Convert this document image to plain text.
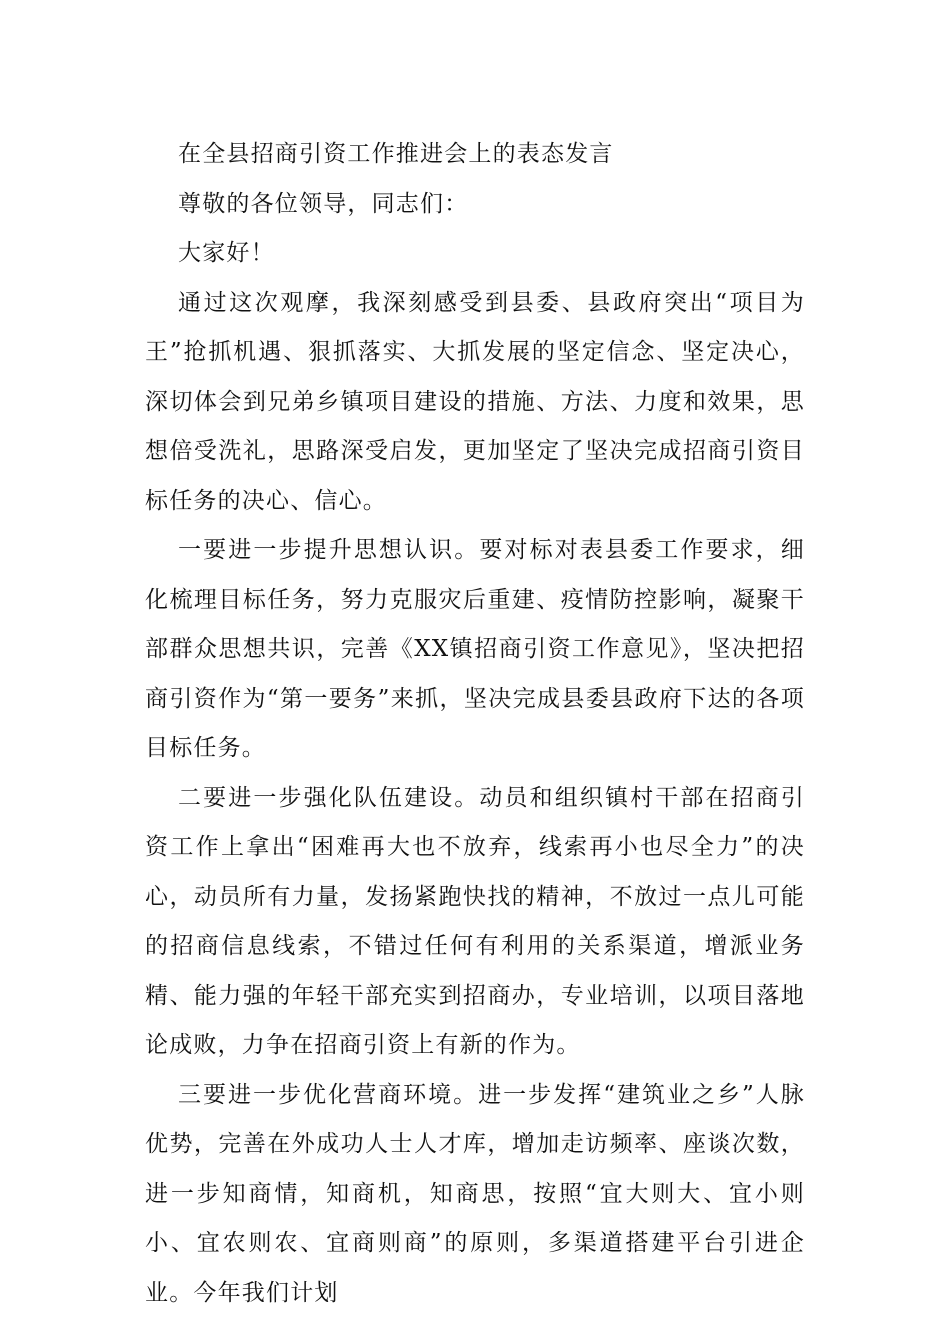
在全县招商引资工作推进会上的表态发言

尊敬的各位领导，同志们：

大家好！

通过这次观摩，我深刻感受到县委、县政府突出“项目为王”抢抓机遇、狠抓落实、大抓发展的坚定信念、坚定决心，深切体会到兄弟乡镇项目建设的措施、方法、力度和效果，思想倍受洗礼，思路深受启发，更加坚定了坚决完成招商引资目标任务的决心、信心。

一要进一步提升思想认识。要对标对表县委工作要求，细化梳理目标任务，努力克服灾后重建、疫情防控影响，凝聚干部群众思想共识，完善《XX镇招商引资工作意见》，坚决把招商引资作为“第一要务”来抓，坚决完成县委县政府下达的各项目标任务。

二要进一步强化队伍建设。动员和组织镇村干部在招商引资工作上拿出“困难再大也不放弃，线索再小也尽全力”的决心，动员所有力量，发扬紧跑快找的精神，不放过一点儿可能的招商信息线索，不错过任何有利用的关系渠道，增派业务精、能力强的年轻干部充实到招商办，专业培训，以项目落地论成败，力争在招商引资上有新的作为。

三要进一步优化营商环境。进一步发挥“建筑业之乡”人脉优势，完善在外成功人士人才库，增加走访频率、座谈次数，进一步知商情，知商机，知商思，按照“宜大则大、宜小则小、宜农则农、宜商则商”的原则，多渠道搭建平台引进企业。今年我们计划
